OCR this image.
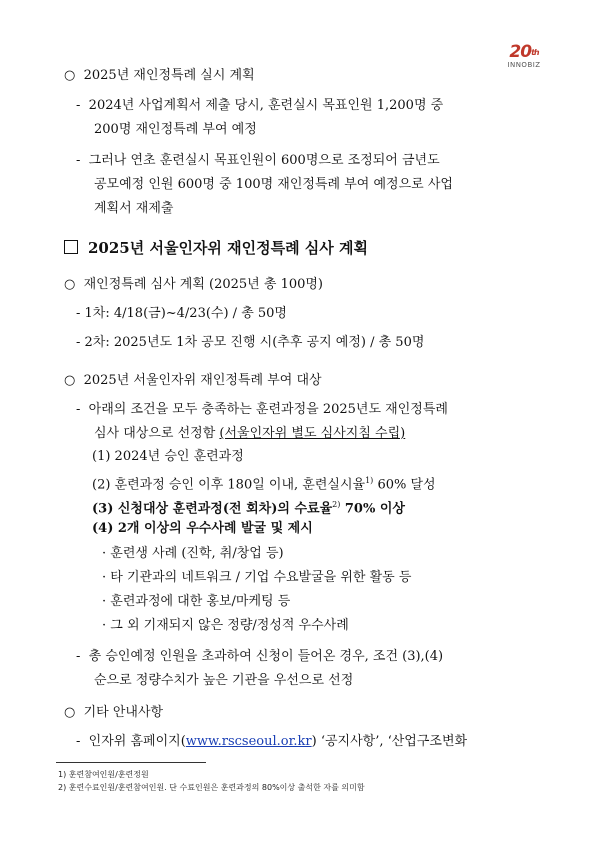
20th
INNOBIZ
○  2025년 재인정특례 실시 계획
-  2024년 사업계획서 제출 당시, 훈련실시 목표인원 1,200명 중
200명 재인정특례 부여 예정
-  그러나 연초 훈련실시 목표인원이 600명으로 조정되어 금년도
공모예정 인원 600명 중 100명 재인정특례 부여 예정으로 사업
계획서 재제출
2025년 서울인자위 재인정특례 심사 계획
○  재인정특례 심사 계획 (2025년 총 100명)
- 1차: 4/18(금)~4/23(수) / 총 50명
- 2차: 2025년도 1차 공모 진행 시(추후 공지 예정) / 총 50명
○  2025년 서울인자위 재인정특례 부여 대상
-  아래의 조건을 모두 충족하는 훈련과정을 2025년도 재인정특례
심사 대상으로 선정함 (서울인자위 별도 심사지침 수립)
(1) 2024년 승인 훈련과정
(2) 훈련과정 승인 이후 180일 이내, 훈련실시율$^{1)}$ 60% 달성
(3) 신청대상 훈련과정(전 회차)의 수료율$^{2)}$ 70% 이상
(4) 2개 이상의 우수사례 발굴 및 제시
· 훈련생 사례 (진학, 취/창업 등)
· 타 기관과의 네트워크 / 기업 수요발굴을 위한 활동 등
· 훈련과정에 대한 홍보/마케팅 등
· 그 외 기재되지 않은 정량/정성적 우수사례
-  총 승인예정 인원을 초과하여 신청이 들어온 경우, 조건 (3),(4)
순으로 정량수치가 높은 기관을 우선으로 선정
○  기타 안내사항
-  인자위 홈페이지(www.rscseoul.or.kr) ‘공지사항’, ‘산업구조변화
1) 훈련참여인원/훈련정원
2) 훈련수료인원/훈련참여인원. 단 수료인원은 훈련과정의 80%이상 출석한 자를 의미함
